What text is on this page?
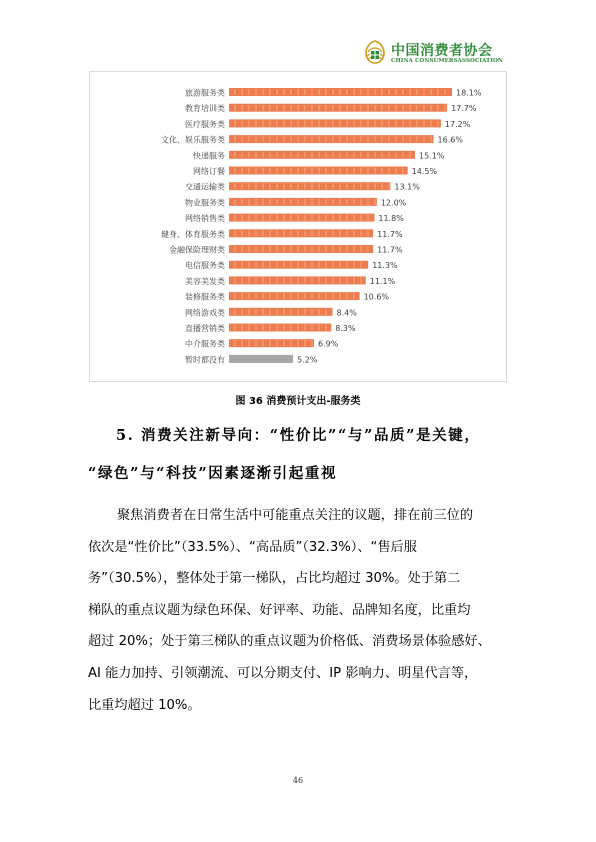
中国消费者协会
CHINA CONSUMERSASSOCIATION
旅游服务类	18.1%
教育培训类	17.7%
医疗服务类	17.2%
文化、娱乐服务类	16.6%
快递服务	15.1%
网络订餐	14.5%
交通运输类	13.1%
物业服务类	12.0%
网络销售类	11.8%
健身、体育服务类	11.7%
金融保险理财类	11.7%
电信服务类	11.3%
美容美发类	11.1%
装修服务类	10.6%
网络游戏类	8.4%
直播营销类	8.3%
中介服务类	6.9%
暂时都没有	5.2%
图 36 消费预计支出-服务类
5. 消费关注新导向：“性价比”“与”品质”是关键，
“绿色”与“科技”因素逐渐引起重视
聚焦消费者在日常生活中可能重点关注的议题，排在前三位的
依次是“性价比”（33.5%）、“高品质”（32.3%）、“售后服
务”（30.5%），整体处于第一梯队，占比均超过 30%。处于第二
梯队的重点议题为绿色环保、好评率、功能、品牌知名度，比重均
超过 20%；处于第三梯队的重点议题为价格低、消费场景体验感好、
AI 能力加持、引领潮流、可以分期支付、IP 影响力、明星代言等，
比重均超过 10%。
46
